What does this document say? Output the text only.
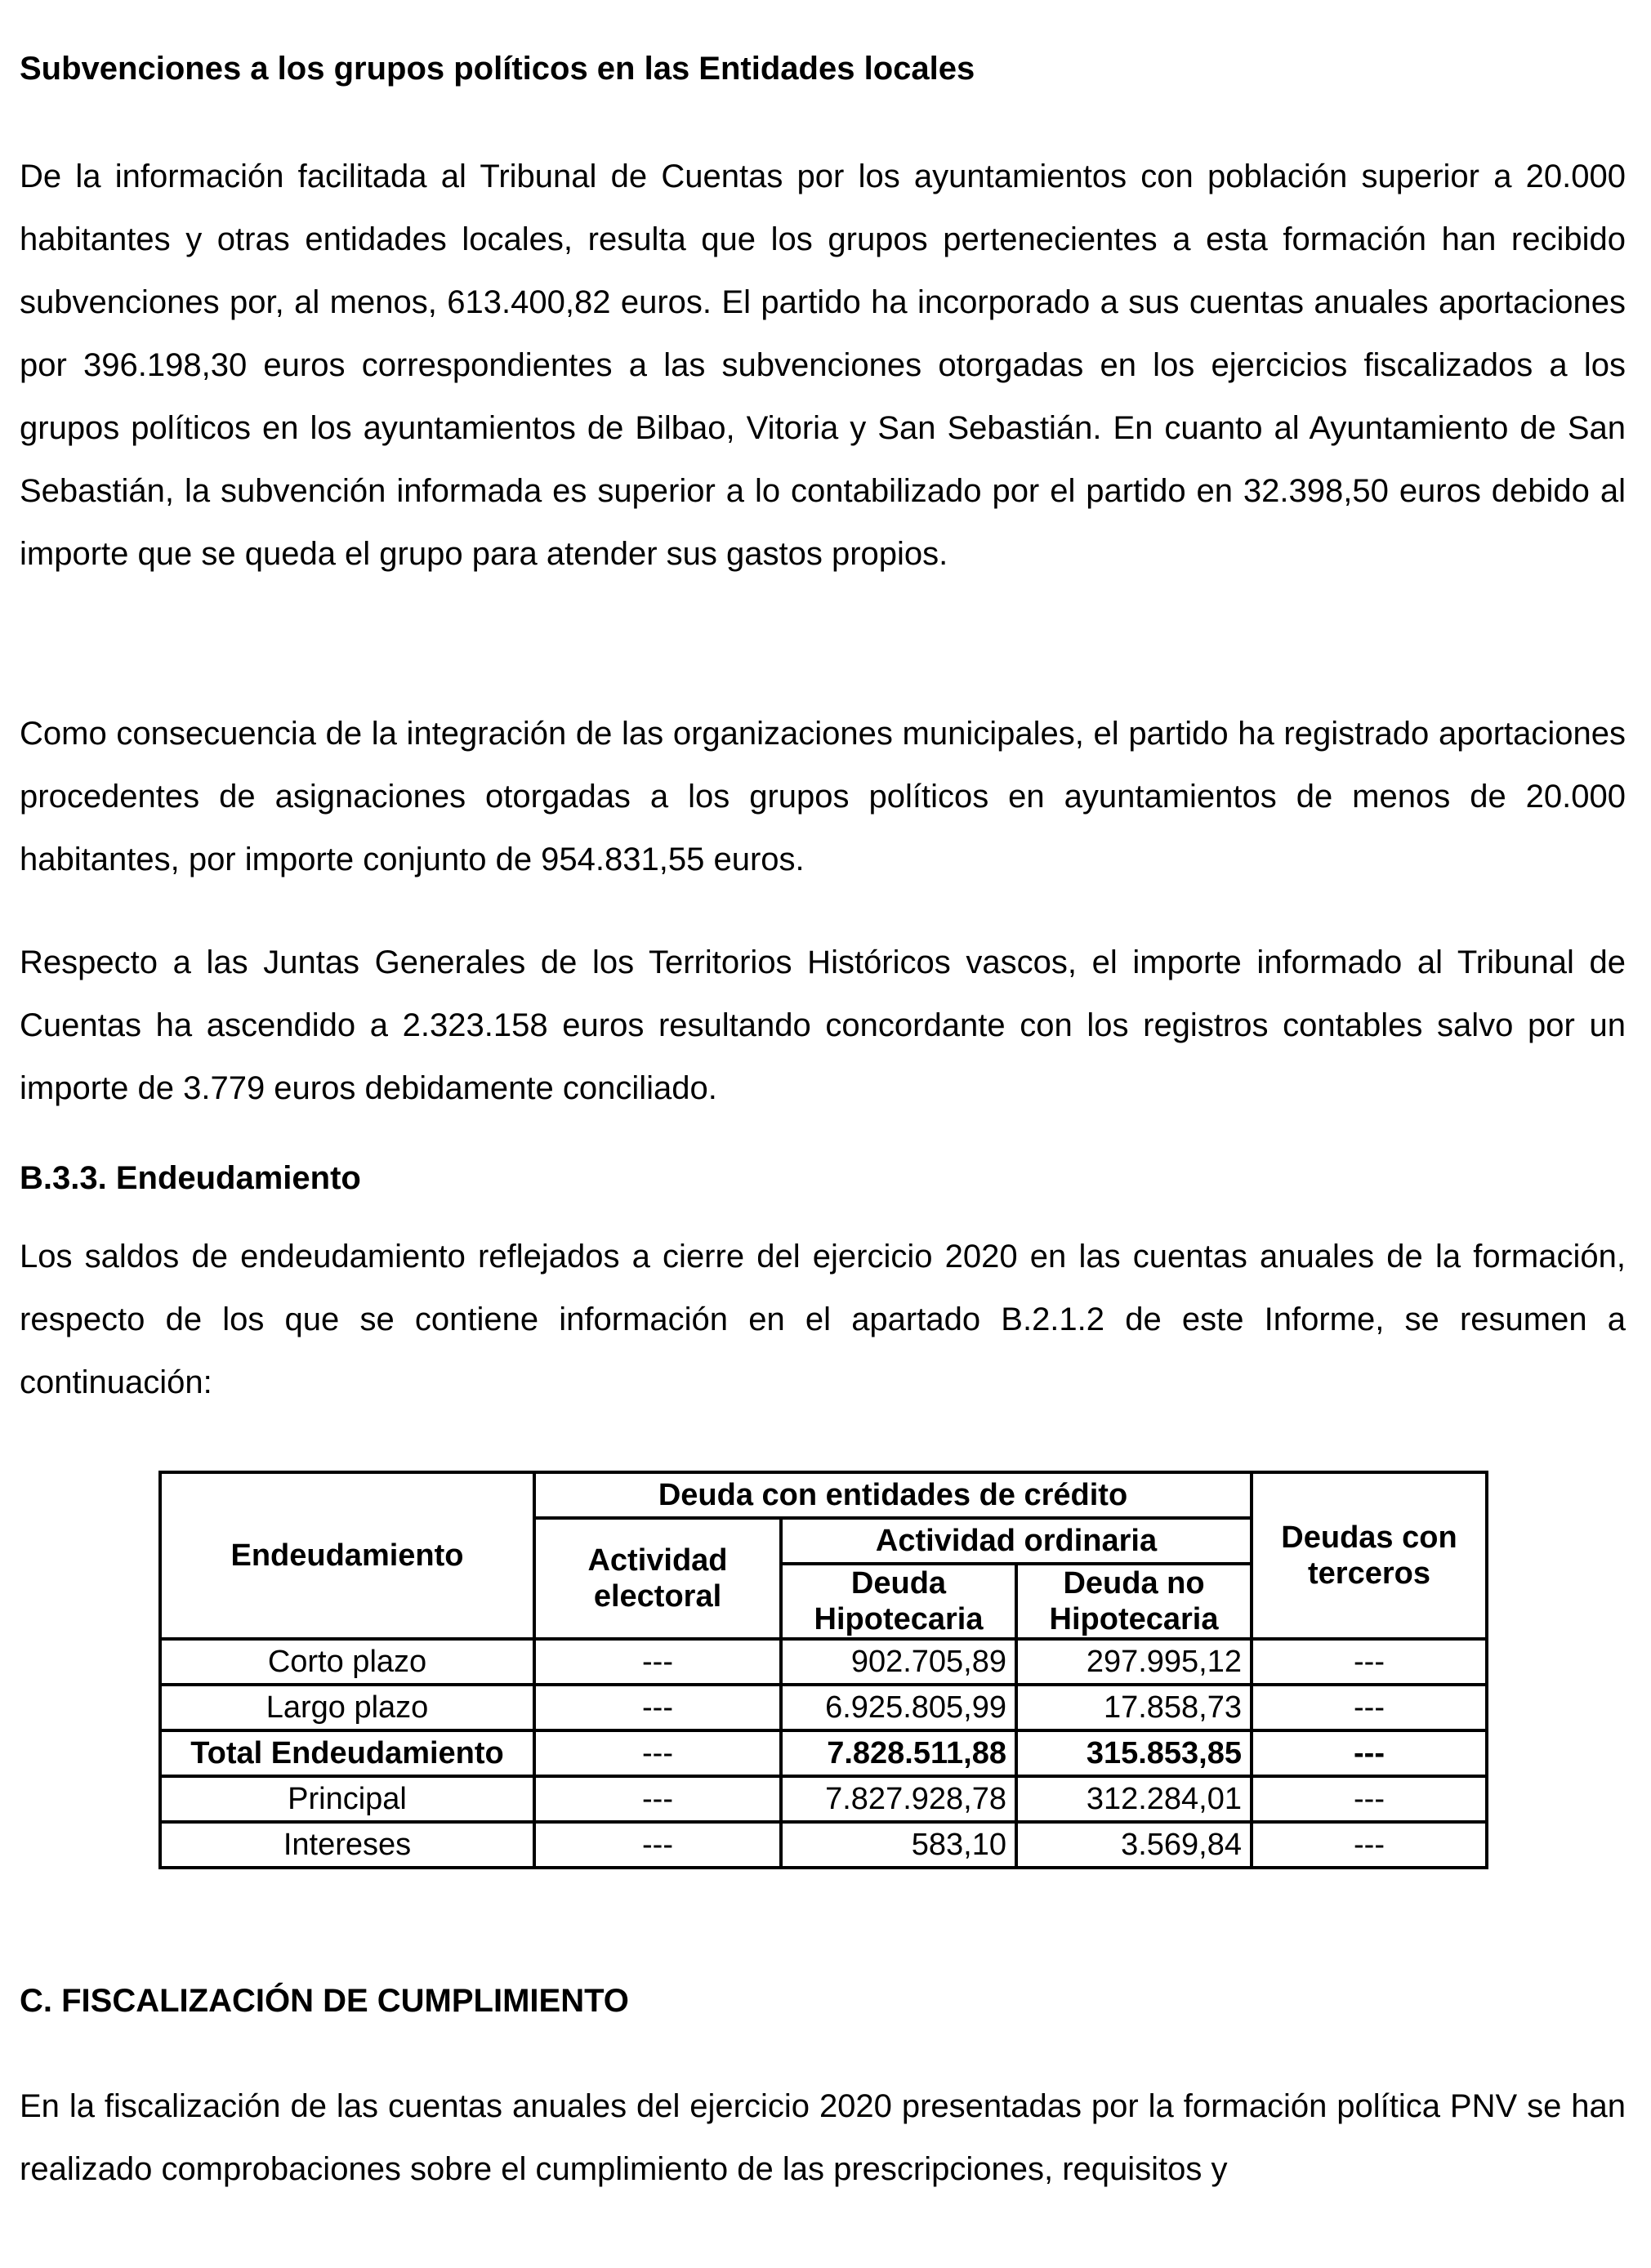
Subvenciones a los grupos políticos en las Entidades locales

De la información facilitada al Tribunal de Cuentas por los ayuntamientos con población superior a 20.000 habitantes y otras entidades locales, resulta que los grupos pertenecientes a esta formación han recibido subvenciones por, al menos, 613.400,82 euros. El partido ha incorporado a sus cuentas anuales aportaciones por 396.198,30 euros correspondientes a las subvenciones otorgadas en los ejercicios fiscalizados a los grupos políticos en los ayuntamientos de Bilbao, Vitoria y San Sebastián. En cuanto al Ayuntamiento de San Sebastián, la subvención informada es superior a lo contabilizado por el partido en 32.398,50 euros debido al importe que se queda el grupo para atender sus gastos propios.

Como consecuencia de la integración de las organizaciones municipales, el partido ha registrado aportaciones procedentes de asignaciones otorgadas a los grupos políticos en ayuntamientos de menos de 20.000 habitantes, por importe conjunto de 954.831,55 euros.

Respecto a las Juntas Generales de los Territorios Históricos vascos, el importe informado al Tribunal de Cuentas ha ascendido a 2.323.158 euros resultando concordante con los registros contables salvo por un importe de 3.779 euros debidamente conciliado.

B.3.3. Endeudamiento

Los saldos de endeudamiento reflejados a cierre del ejercicio 2020 en las cuentas anuales de la formación, respecto de los que se contiene información en el apartado B.2.1.2 de este Informe, se resumen a continuación:

Endeudamiento	Deuda con entidades de crédito			Deudas con terceros
	Actividad electoral	Actividad ordinaria		
		Deuda Hipotecaria	Deuda no Hipotecaria	
Corto plazo	---	902.705,89	297.995,12	---
Largo plazo	---	6.925.805,99	17.858,73	---
Total Endeudamiento	---	7.828.511,88	315.853,85	---
Principal	---	7.827.928,78	312.284,01	---
Intereses	---	583,10	3.569,84	---
C. FISCALIZACIÓN DE CUMPLIMIENTO

En la fiscalización de las cuentas anuales del ejercicio 2020 presentadas por la formación política PNV se han realizado comprobaciones sobre el cumplimiento de las prescripciones, requisitos y
